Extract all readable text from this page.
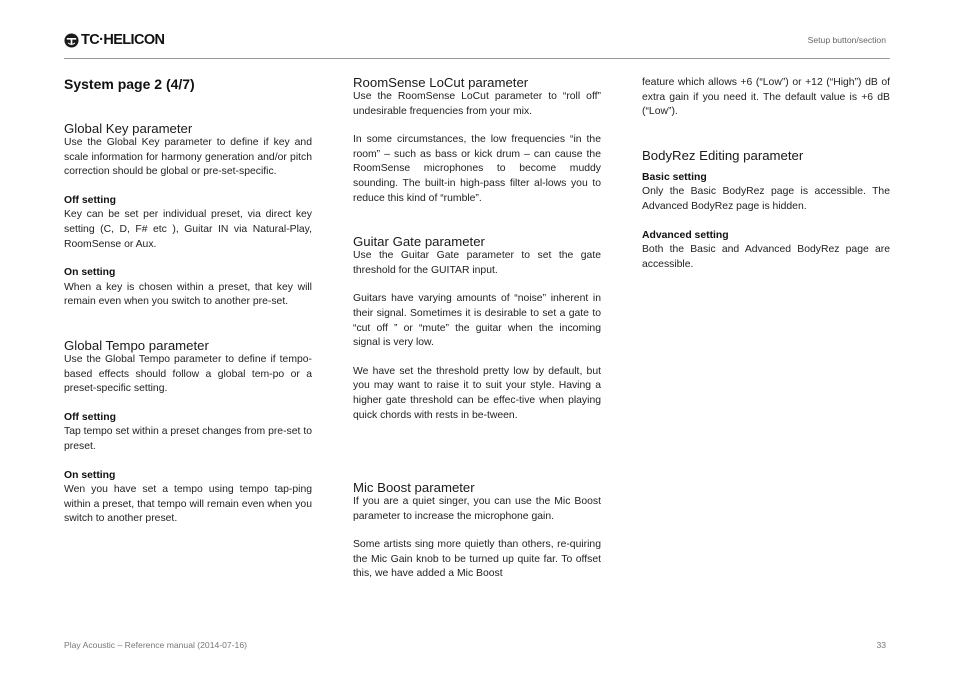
TC·HELICON	Setup button/section
System page 2 (4/7)
Global Key parameter

Use the Global Key parameter to define if key and scale information for harmony generation and/or pitch correction should be global or pre-set-specific.

Off setting

Key can be set per individual preset, via direct key setting (C, D, F# etc ), Guitar IN via Natural-Play, RoomSense or Aux.

On setting

When a key is chosen within a preset, that key will remain even when you switch to another pre-set.

Global Tempo parameter

Use the Global Tempo parameter to define if tempo-based effects should follow a global tem-po or a preset-specific setting.

Off setting

Tap tempo set within a preset changes from pre-set to preset.

On setting

Wen you have set a tempo using tempo tap-ping within a preset, that tempo will remain even when you switch to another preset.

RoomSense LoCut parameter

Use the RoomSense LoCut parameter to “roll off” undesirable frequencies from your mix.

In some circumstances, the low frequencies “in the room” – such as bass or kick drum – can cause the RoomSense microphones to become muddy sounding. The built-in high-pass filter al-lows you to reduce this kind of “rumble”.

Guitar Gate parameter

Use the Guitar Gate parameter to set the gate threshold for the GUITAR input.

Guitars have varying amounts of “noise” inherent in their signal. Sometimes it is desirable to set a gate to “cut off ” or “mute” the guitar when the incoming signal is very low.

We have set the threshold pretty low by default, but you may want to raise it to suit your style. Having a higher gate threshold can be effec-tive when playing quick chords with rests in be-tween.

Mic Boost parameter

If you are a quiet singer, you can use the Mic Boost parameter to increase the microphone gain.

Some artists sing more quietly than others, re-quiring the Mic Gain knob to be turned up quite far. To offset this, we have added a Mic Boost

feature which allows +6 (“Low”) or +12 (“High”) dB of extra gain if you need it. The default value is +6 dB (“Low”).

BodyRez Editing parameter
Basic setting

Only the Basic BodyRez page is accessible. The Advanced BodyRez page is hidden.

Advanced setting

Both the Basic and Advanced BodyRez page are accessible.

Play Acoustic – Reference manual (2014-07-16)	33
